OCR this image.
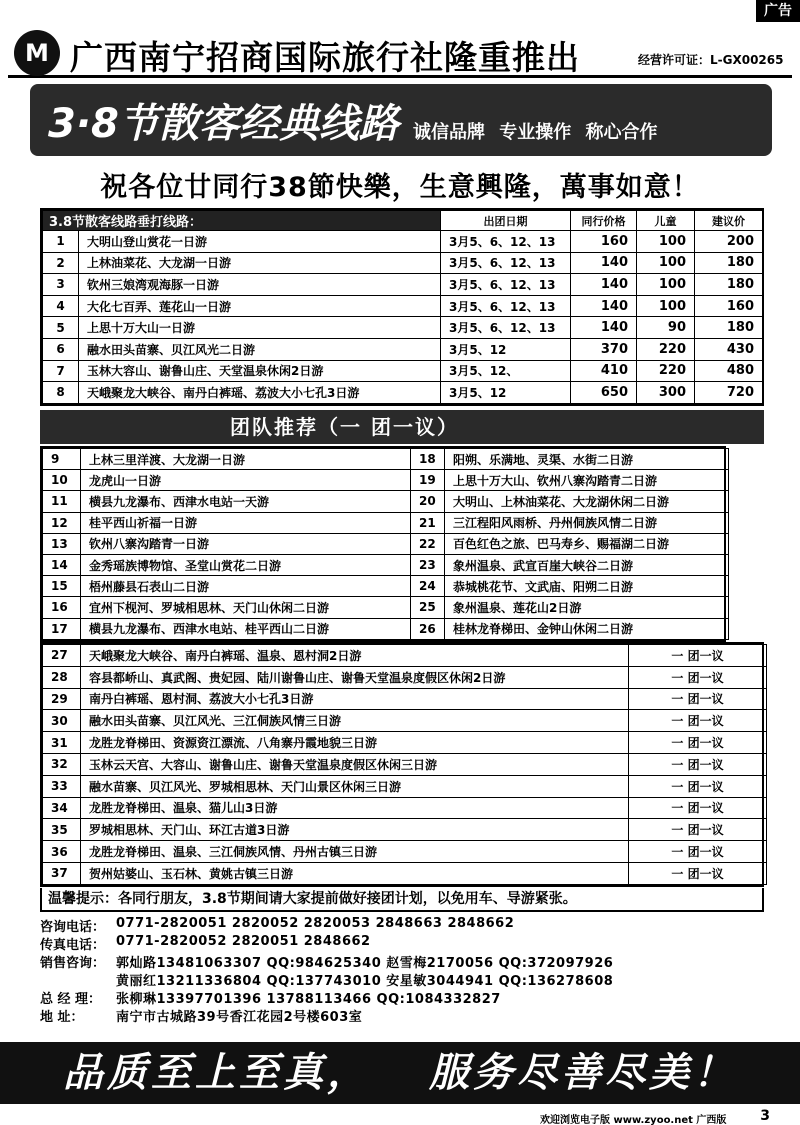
广告
M 广西南宁招商国际旅行社隆重推出	经营许可证：L-GX00265
3·8节散客经典线路 诚信品牌 专业操作 称心合作
祝各位廿同行38節快樂，生意興隆，萬事如意！
3.8节散客线路垂打线路：		出团日期	同行价格	儿童	建议价
1	大明山登山赏花一日游	3月5、6、12、13	160	100	200
2	上林油菜花、大龙湖一日游	3月5、6、12、13	140	100	180
3	钦州三娘湾观海豚一日游	3月5、6、12、13	140	100	180
4	大化七百弄、莲花山一日游	3月5、6、12、13	140	100	160
5	上思十万大山一日游	3月5、6、12、13	140	90	180
6	融水田头苗寨、贝江风光二日游	3月5、12	370	220	430
7	玉林大容山、谢鲁山庄、天堂温泉休闲2日游	3月5、12、	410	220	480
8	天峨聚龙大峡谷、南丹白裤瑶、荔波大小七孔3日游	3月5、12	650	300	720
团队推荐（一 团一议）
9	上林三里洋渡、大龙湖一日游	18	阳朔、乐满地、灵渠、水街二日游
10	龙虎山一日游	19	上思十万大山、钦州八寨沟踏青二日游
11	横县九龙瀑布、西津水电站一天游	20	大明山、上林油菜花、大龙湖休闲二日游
12	桂平西山祈福一日游	21	三江程阳风雨桥、丹州侗族风情二日游
13	钦州八寨沟踏青一日游	22	百色红色之旅、巴马寿乡、赐福湖二日游
14	金秀瑶族博物馆、圣堂山赏花二日游	23	象州温泉、武宣百崖大峡谷二日游
15	梧州藤县石表山二日游	24	恭城桃花节、文武庙、阳朔二日游
16	宜州下枧河、罗城相思林、天门山休闲二日游	25	象州温泉、莲花山2日游
17	横县九龙瀑布、西津水电站、桂平西山二日游	26	桂林龙脊梯田、金钟山休闲二日游
27	天峨聚龙大峡谷、南丹白裤瑶、温泉、恩村洞2日游	一 团一议
28	容县都峤山、真武阁、贵妃园、陆川谢鲁山庄、谢鲁天堂温泉度假区休闲2日游	一 团一议
29	南丹白裤瑶、恩村洞、荔波大小七孔3日游	一 团一议
30	融水田头苗寨、贝江风光、三江侗族风情三日游	一 团一议
31	龙胜龙脊梯田、资源资江漂流、八角寨丹霞地貌三日游	一 团一议
32	玉林云天宫、大容山、谢鲁山庄、谢鲁天堂温泉度假区休闲三日游	一 团一议
33	融水苗寨、贝江风光、罗城相思林、天门山景区休闲三日游	一 团一议
34	龙胜龙脊梯田、温泉、猫儿山3日游	一 团一议
35	罗城相思林、天门山、环江古道3日游	一 团一议
36	龙胜龙脊梯田、温泉、三江侗族风情、丹州古镇三日游	一 团一议
37	贺州姑婆山、玉石林、黄姚古镇三日游	一 团一议
温馨提示：各同行朋友，3.8节期间请大家提前做好接团计划，以免用车、导游紧张。
咨询电话： 0771-2820051 2820052 2820053 2848663 2848662
传真电话： 0771-2820052 2820051 2848662
销售咨询： 郭灿路13481063307 QQ:984625340 赵雪梅2170056 QQ:372097926
黄丽红13211336804 QQ:137743010 安星敏3044941 QQ:136278608
总 经 理：	张柳琳13397701396 13788113466 QQ:1084332827
地 址：	南宁市古城路39号香江花园2号楼603室
品质至上至真， 服务尽善尽美！
欢迎浏览电子版 www.zyoo.net 广西版 3
